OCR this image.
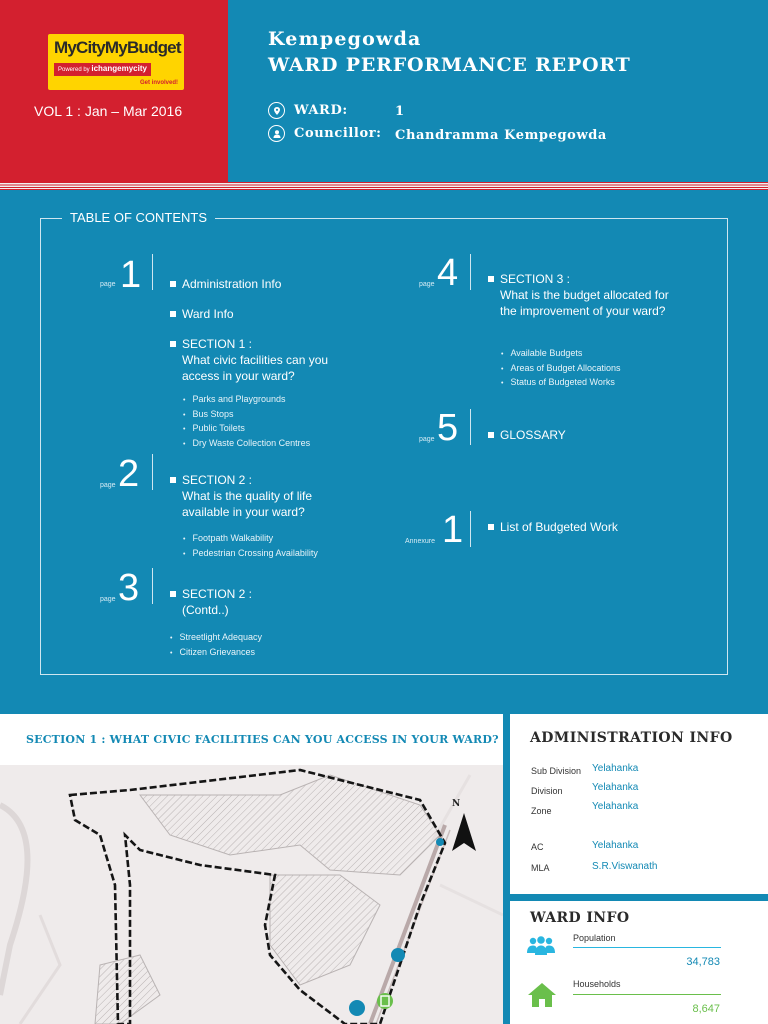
MyCityMyBudget
Powered by ichangemycity
Get involved!
VOL 1 : Jan – Mar 2016
Kempegowda
WARD PERFORMANCE REPORT
WARD:	1
Councillor: Chandramma Kempegowda
TABLE OF CONTENTS
page 1	Administration Info
Ward Info
SECTION 1 :
What civic facilities can you access in your ward?
• Parks and Playgrounds
• Bus Stops
• Public Toilets
• Dry Waste Collection Centres
page 2	SECTION 2 :
What is the quality of life available in your ward?
• Footpath Walkability
• Pedestrian Crossing Availability
page 3	SECTION 2 :
(Contd..)
• Streetlight Adequacy
• Citizen Grievances
page 4	SECTION 3 :
What is the budget allocated for the improvement of your ward?
• Available Budgets
• Areas of Budget Allocations
• Status of Budgeted Works
page 5	GLOSSARY
Annexure 1	List of Budgeted Work
SECTION 1 : WHAT CIVIC FACILITIES CAN YOU ACCESS IN YOUR WARD?
N
ADMINISTRATION INFO
Sub Division Yelahanka
Division	Yelahanka
Zone	Yelahanka
AC	Yelahanka
MLA	S.R.Viswanath
WARD INFO
Population
34,783
Households
8,647
